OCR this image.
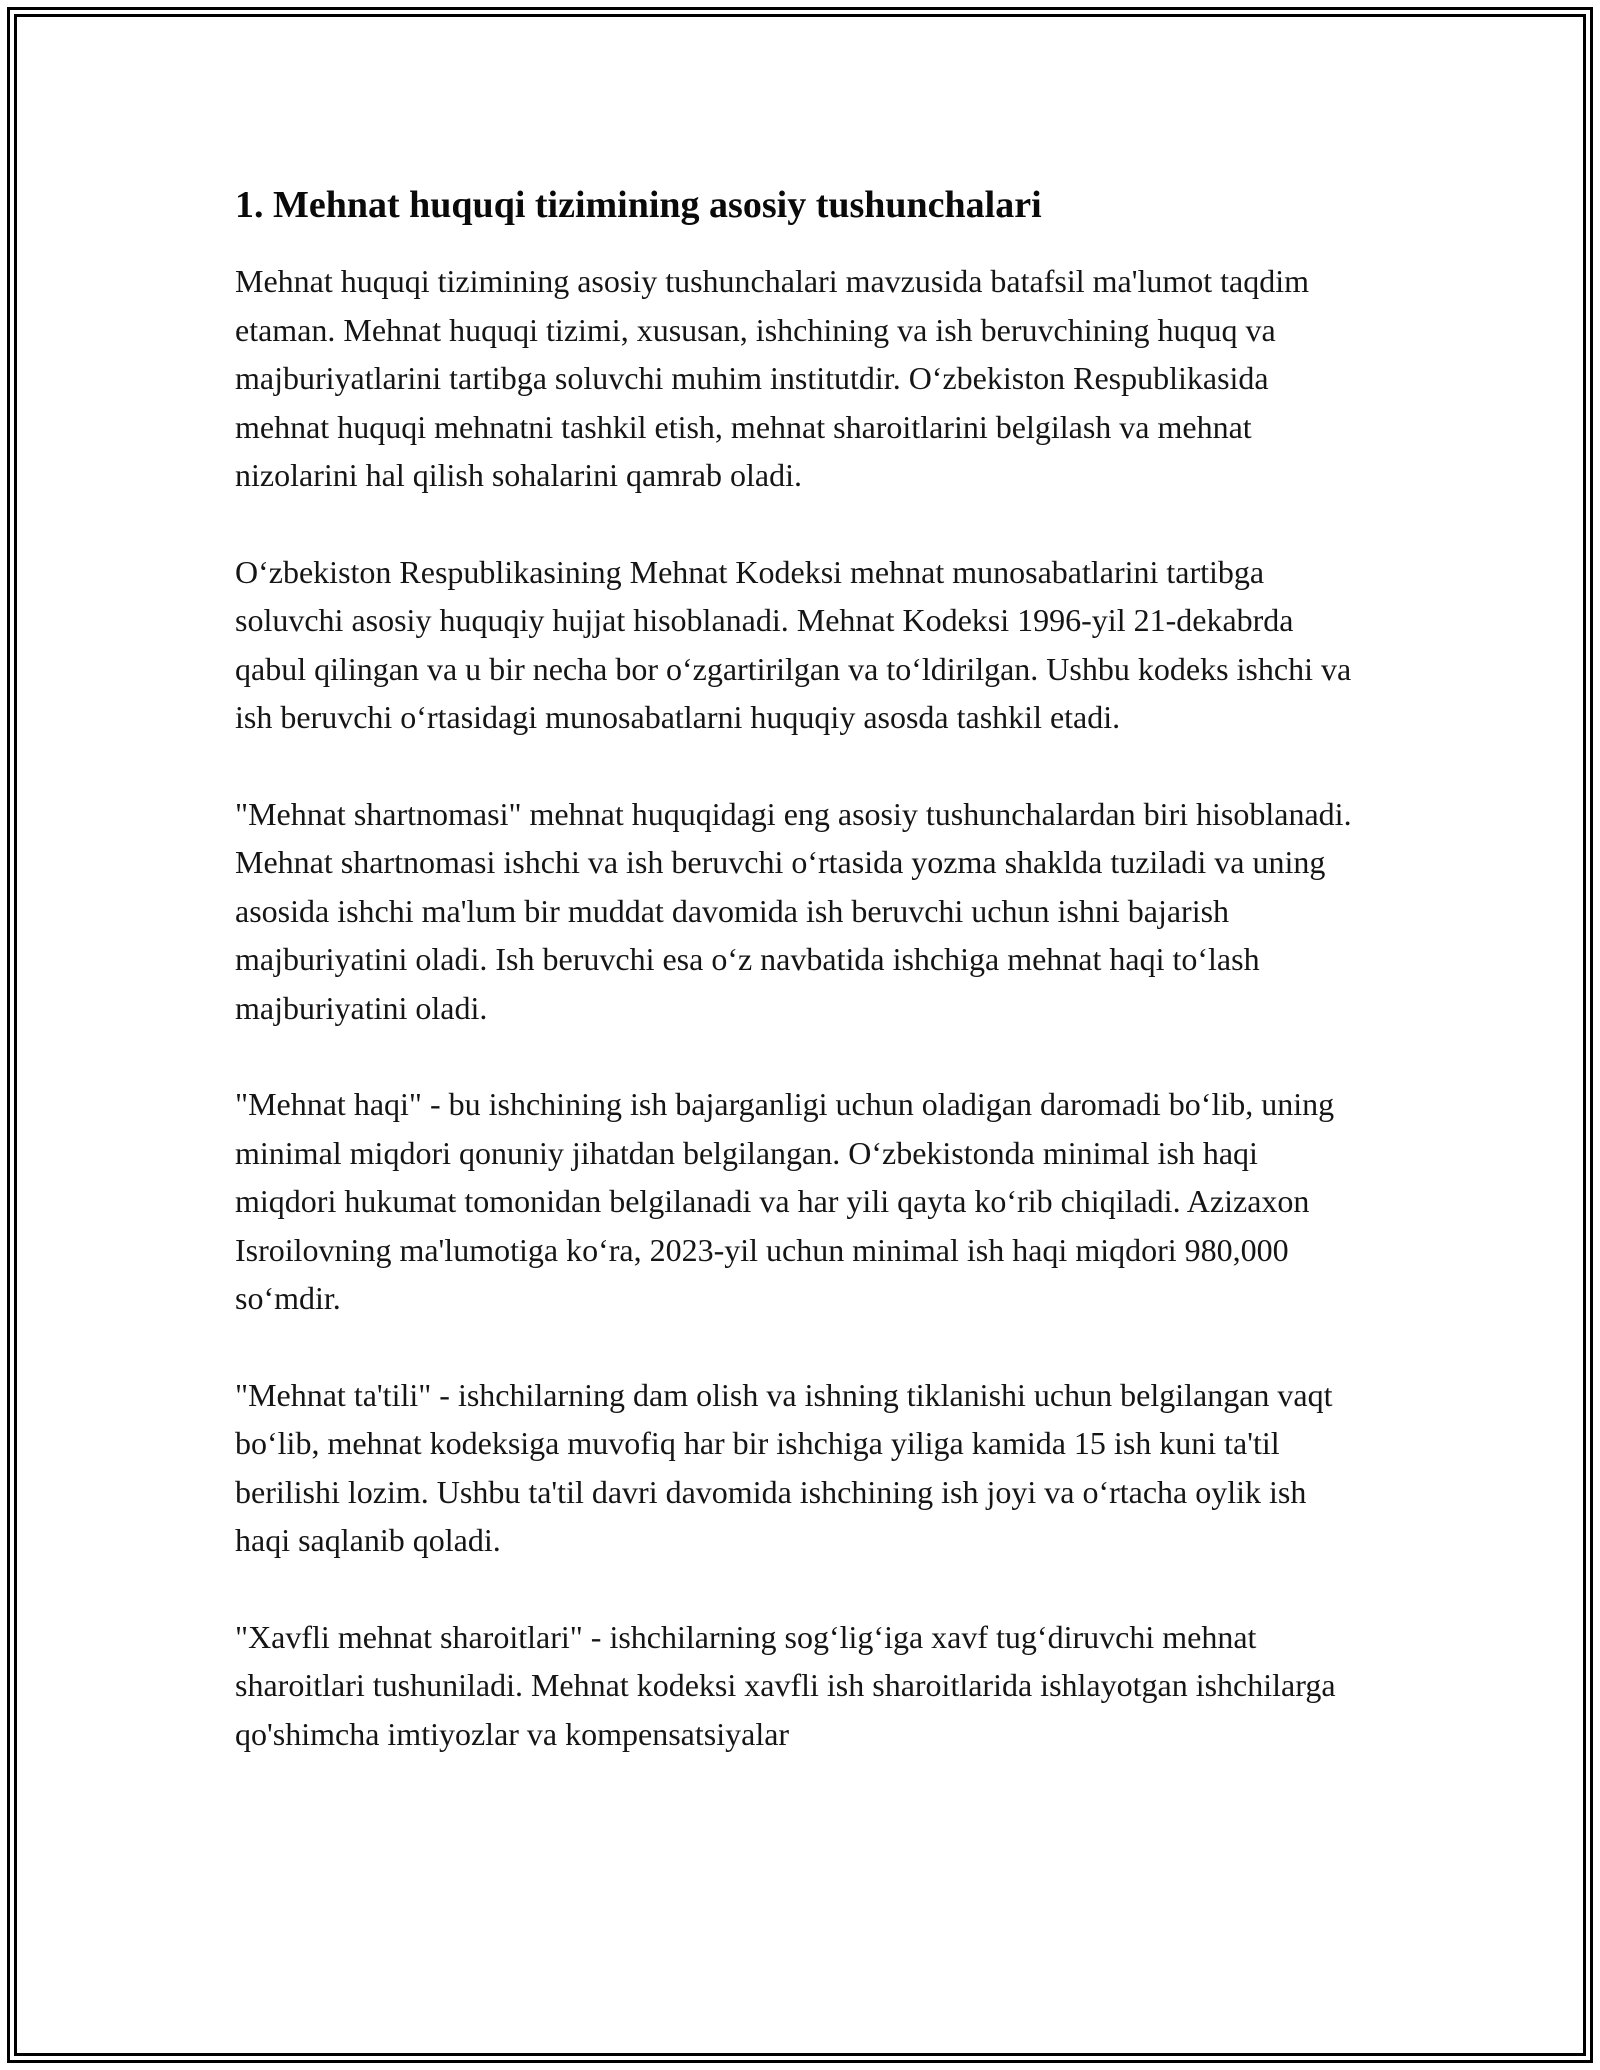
1. Mehnat huquqi tizimining asosiy tushunchalari

Mehnat huquqi tizimining asosiy tushunchalari mavzusida batafsil ma'lumot taqdim etaman. Mehnat huquqi tizimi, xususan, ishchining va ish beruvchining huquq va majburiyatlarini tartibga soluvchi muhim institutdir. O‘zbekiston Respublikasida mehnat huquqi mehnatni tashkil etish, mehnat sharoitlarini belgilash va mehnat nizolarini hal qilish sohalarini qamrab oladi.

O‘zbekiston Respublikasining Mehnat Kodeksi mehnat munosabatlarini tartibga soluvchi asosiy huquqiy hujjat hisoblanadi. Mehnat Kodeksi 1996-yil 21-dekabrda qabul qilingan va u bir necha bor o‘zgartirilgan va to‘ldirilgan. Ushbu kodeks ishchi va ish beruvchi o‘rtasidagi munosabatlarni huquqiy asosda tashkil etadi.

"Mehnat shartnomasi" mehnat huquqidagi eng asosiy tushunchalardan biri hisoblanadi. Mehnat shartnomasi ishchi va ish beruvchi o‘rtasida yozma shaklda tuziladi va uning asosida ishchi ma'lum bir muddat davomida ish beruvchi uchun ishni bajarish majburiyatini oladi. Ish beruvchi esa o‘z navbatida ishchiga mehnat haqi to‘lash majburiyatini oladi.

"Mehnat haqi" - bu ishchining ish bajarganligi uchun oladigan daromadi bo‘lib, uning minimal miqdori qonuniy jihatdan belgilangan. O‘zbekistonda minimal ish haqi miqdori hukumat tomonidan belgilanadi va har yili qayta ko‘rib chiqiladi. Azizaxon Isroilovning ma'lumotiga ko‘ra, 2023-yil uchun minimal ish haqi miqdori 980,000 so‘mdir.

"Mehnat ta'tili" - ishchilarning dam olish va ishning tiklanishi uchun belgilangan vaqt bo‘lib, mehnat kodeksiga muvofiq har bir ishchiga yiliga kamida 15 ish kuni ta'til berilishi lozim. Ushbu ta'til davri davomida ishchining ish joyi va o‘rtacha oylik ish haqi saqlanib qoladi.

"Xavfli mehnat sharoitlari" - ishchilarning sog‘lig‘iga xavf tug‘diruvchi mehnat sharoitlari tushuniladi. Mehnat kodeksi xavfli ish sharoitlarida ishlayotgan ishchilarga qo'shimcha imtiyozlar va kompensatsiyalar
